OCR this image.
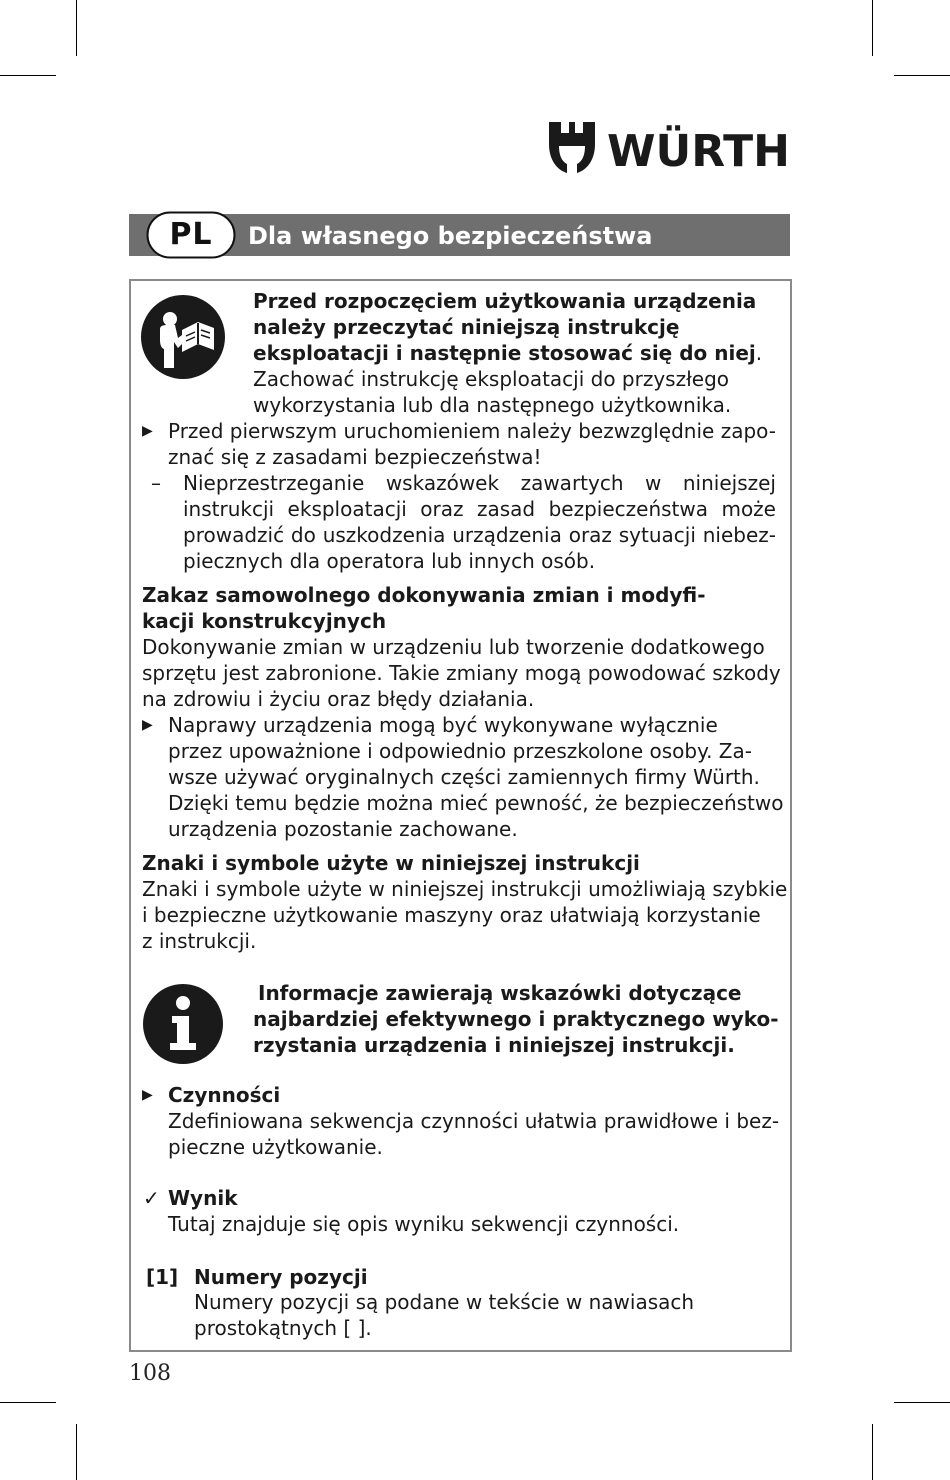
WÜRTH
PL	Dla własnego bezpieczeństwa
Przed rozpoczęciem użytkowania urządzenia
należy przeczytać niniejszą instrukcję
eksploatacji i następnie stosować się do niej.
Zachować instrukcję eksploatacji do przyszłego
wykorzystania lub dla następnego użytkownika.
▶ Przed pierwszym uruchomieniem należy bezwzględnie zapo-
znać się z zasadami bezpieczeństwa!
– Nieprzestrzeganie wskazówek zawartych w niniejszej
instrukcji eksploatacji oraz zasad bezpieczeństwa może
prowadzić do uszkodzenia urządzenia oraz sytuacji niebez-
piecznych dla operatora lub innych osób.
Zakaz samowolnego dokonywania zmian i modyfi-
kacji konstrukcyjnych
Dokonywanie zmian w urządzeniu lub tworzenie dodatkowego
sprzętu jest zabronione. Takie zmiany mogą powodować szkody
na zdrowiu i życiu oraz błędy działania.
▶ Naprawy urządzenia mogą być wykonywane wyłącznie
przez upoważnione i odpowiednio przeszkolone osoby. Za-
wsze używać oryginalnych części zamiennych firmy Würth.
Dzięki temu będzie można mieć pewność, że bezpieczeństwo
urządzenia pozostanie zachowane.
Znaki i symbole użyte w niniejszej instrukcji
Znaki i symbole użyte w niniejszej instrukcji umożliwiają szybkie
i bezpieczne użytkowanie maszyny oraz ułatwiają korzystanie
z instrukcji.
Informacje zawierają wskazówki dotyczące
najbardziej efektywnego i praktycznego wyko-
rzystania urządzenia i niniejszej instrukcji.
▶ Czynności
Zdefiniowana sekwencja czynności ułatwia prawidłowe i bez-
pieczne użytkowanie.
✓ Wynik
Tutaj znajduje się opis wyniku sekwencji czynności.
[1] Numery pozycji
Numery pozycji są podane w tekście w nawiasach
prostokątnych [ ].
108
